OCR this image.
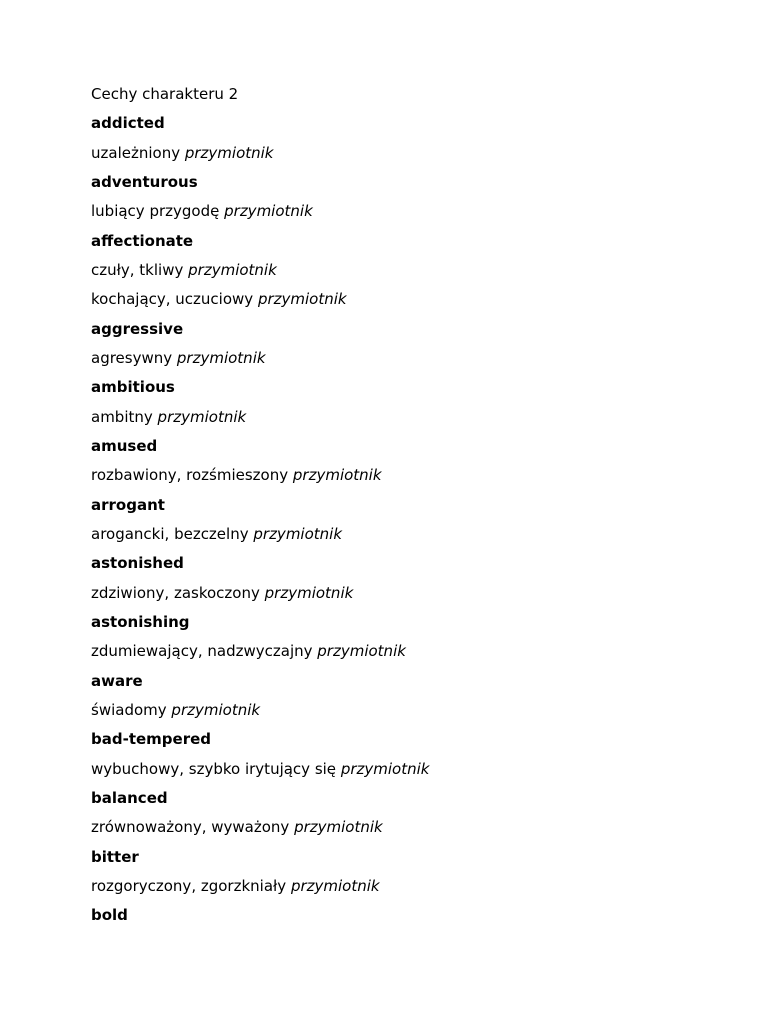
Cechy charakteru 2
addicted
uzależniony przymiotnik
adventurous
lubiący przygodę przymiotnik
affectionate
czuły, tkliwy przymiotnik
kochający, uczuciowy przymiotnik
aggressive
agresywny przymiotnik
ambitious
ambitny przymiotnik
amused
rozbawiony, rozśmieszony przymiotnik
arrogant
arogancki, bezczelny przymiotnik
astonished
zdziwiony, zaskoczony przymiotnik
astonishing
zdumiewający, nadzwyczajny przymiotnik
aware
świadomy przymiotnik
bad-tempered
wybuchowy, szybko irytujący się przymiotnik
balanced
zrównoważony, wyważony przymiotnik
bitter
rozgoryczony, zgorzkniały przymiotnik
bold
